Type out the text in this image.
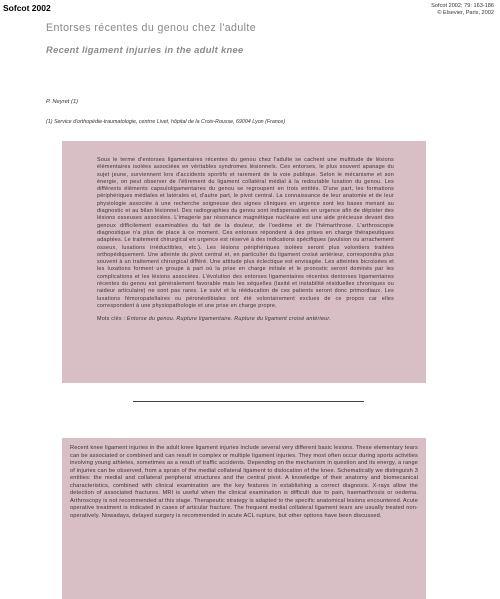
Sofcot 2002	Sofcot 2002; 79: 163-186
© Elsevier, Paris, 2002
Entorses récentes du genou chez l'adulte
Recent ligament injuries in the adult knee
P. Neyret (1)
(1) Service d'orthopédie-traumatologie, centrre Livet, hôpital de la Croix-Rousse, 69004 Lyon (France)

Sous le terme d'entorses ligamentaires récentes du genou chez l'adulte se cachent une multitude de lésions élémentaires isolées associées en véritables syndromes lésionnels. Ces entorses, le plus souvent apanage du sujet jeune, surviennent lors d'accidents sportifs et rarement de la voie publique. Selon le mécanisme et son énergie, on peut observer de l'étirement du ligament collatéral médial à la redoutable luxation du genou. Les différents éléments capsuloligamentaires du genou se regroupent en trois entités. D'une part, les formations périphériques médiales et latérales et, d'autre part, le pivot central. La connaissance de leur anatomie et de leur physiologie associée à une recherche soigneuse des signes cliniques en urgence sont les bases menant au diagnostic et au bilan lésionnel. Des radiographies du genou sont indispensables en urgence afin de dépister des lésions osseuses associées. L'imagerie par résonance magnétique nucléaire est une aide précieuse devant des genoux difficilement examinables du fait de la douleur, de l'oedème et de l'hémarthrose. L'arthroscopie diagnostique n'a plus de place à ce moment. Ces entorses répondent à des prises en charge thérapeutiques adaptées. Le traitement chirurgical en urgence est réservé à des indications spécifiques (avulsion ou arrachement osseux, luxations irréductibles, etc.). Les lésions périphériques isolées seront plus volontiers traitées orthopédiquement. Une atteinte du pivot central et, en particulier du ligament croisé antérieur, correspondra plus souvent à un traitement chirurgical différé. Une attitude plus éclectique est envisagée. Les atteintes bicroisées et les luxations forment un groupe à part où la prise en charge initiale et le pronostic seront dominés par les complications et les lésions associées. L'évolution des entorses ligamentaires récentes dentorses ligamentaires récentes du genou est généralement favorable mais les séquelles (laxité et instabilité résiduelles chroniques ou raideur articulaire) ne sont pas rares. Le suivi et la rééducation de ces patients seront donc primordiaux. Les luxations fémoropatellaires ou péronéotibiales ont été volontairement exclues de ce propos car elles correspondent à une physiopathologie et une prise en charge propre.

Mots clés : Entorse du genou. Rupture ligamentaire. Rupture du ligament croisé antérieur.

Recent knee ligament injuries in the adult knee ligament injuries include several very different basic lesions. These elementary tears can be associated or combined and can result in complex or multiple ligament injuries. They most often occur during sports activities involving young athletes, sometimes as a result of traffic accidents. Depending on the mechanism in question and its energy, a range of injuries can be observed, from a sprain of the medial collateral ligament to dislocation of the knee. Schematically we distinguish 3 entities: the medial and collateral peripheral structures and the central pivot. A knowledge of their anatomy and biomecanical characteristics, combined with clinical examination are the key features in establishing a correct diagnosis. X-rays allow the detection of associated fractures. MRI is useful when the clinical examination is difficult due to pain, haemarthrosis or oedema. Arthroscopy is not recommended at this stage. Therapeutic strategy is adapted to the specific anatomical lesions encountered. Acute operative treatment is indicated in cases of articular fracture. The frequent medial collateral ligament tears are usually treated non-operatively. Nowadays, delayed surgery is recommended in acute ACL rupture, but other options have been discussed.
